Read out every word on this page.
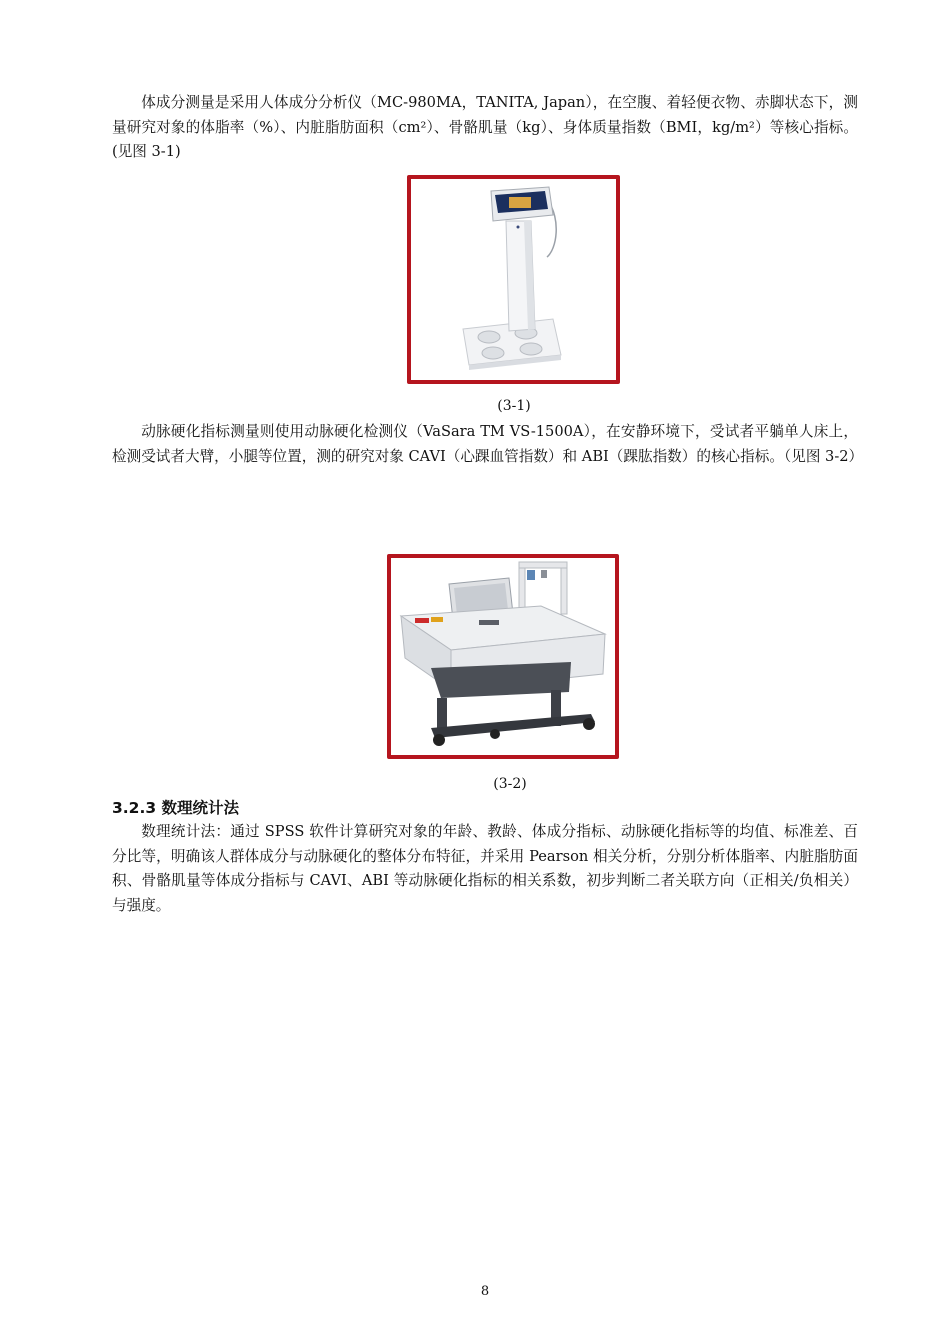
体成分测量是采用人体成分分析仪（MC-980MA，TANITA, Japan），在空腹、着轻便衣物、赤脚状态下，测量研究对象的体脂率（%）、内脏脂肪面积（cm²）、骨骼肌量（kg）、身体质量指数（BMI，kg/m²）等核心指标。(见图 3-1)

(3-1)

动脉硬化指标测量则使用动脉硬化检测仪（VaSara TM VS-1500A），在安静环境下，受试者平躺单人床上，检测受试者大臂，小腿等位置，测的研究对象 CAVI（心踝血管指数）和 ABI（踝肱指数）的核心指标。（见图 3-2）

(3-2)
3.2.3 数理统计法

数理统计法：通过 SPSS 软件计算研究对象的年龄、教龄、体成分指标、动脉硬化指标等的均值、标准差、百分比等，明确该人群体成分与动脉硬化的整体分布特征，并采用 Pearson 相关分析，分别分析体脂率、内脏脂肪面积、骨骼肌量等体成分指标与 CAVI、ABI 等动脉硬化指标的相关系数，初步判断二者关联方向（正相关/负相关）与强度。

8
